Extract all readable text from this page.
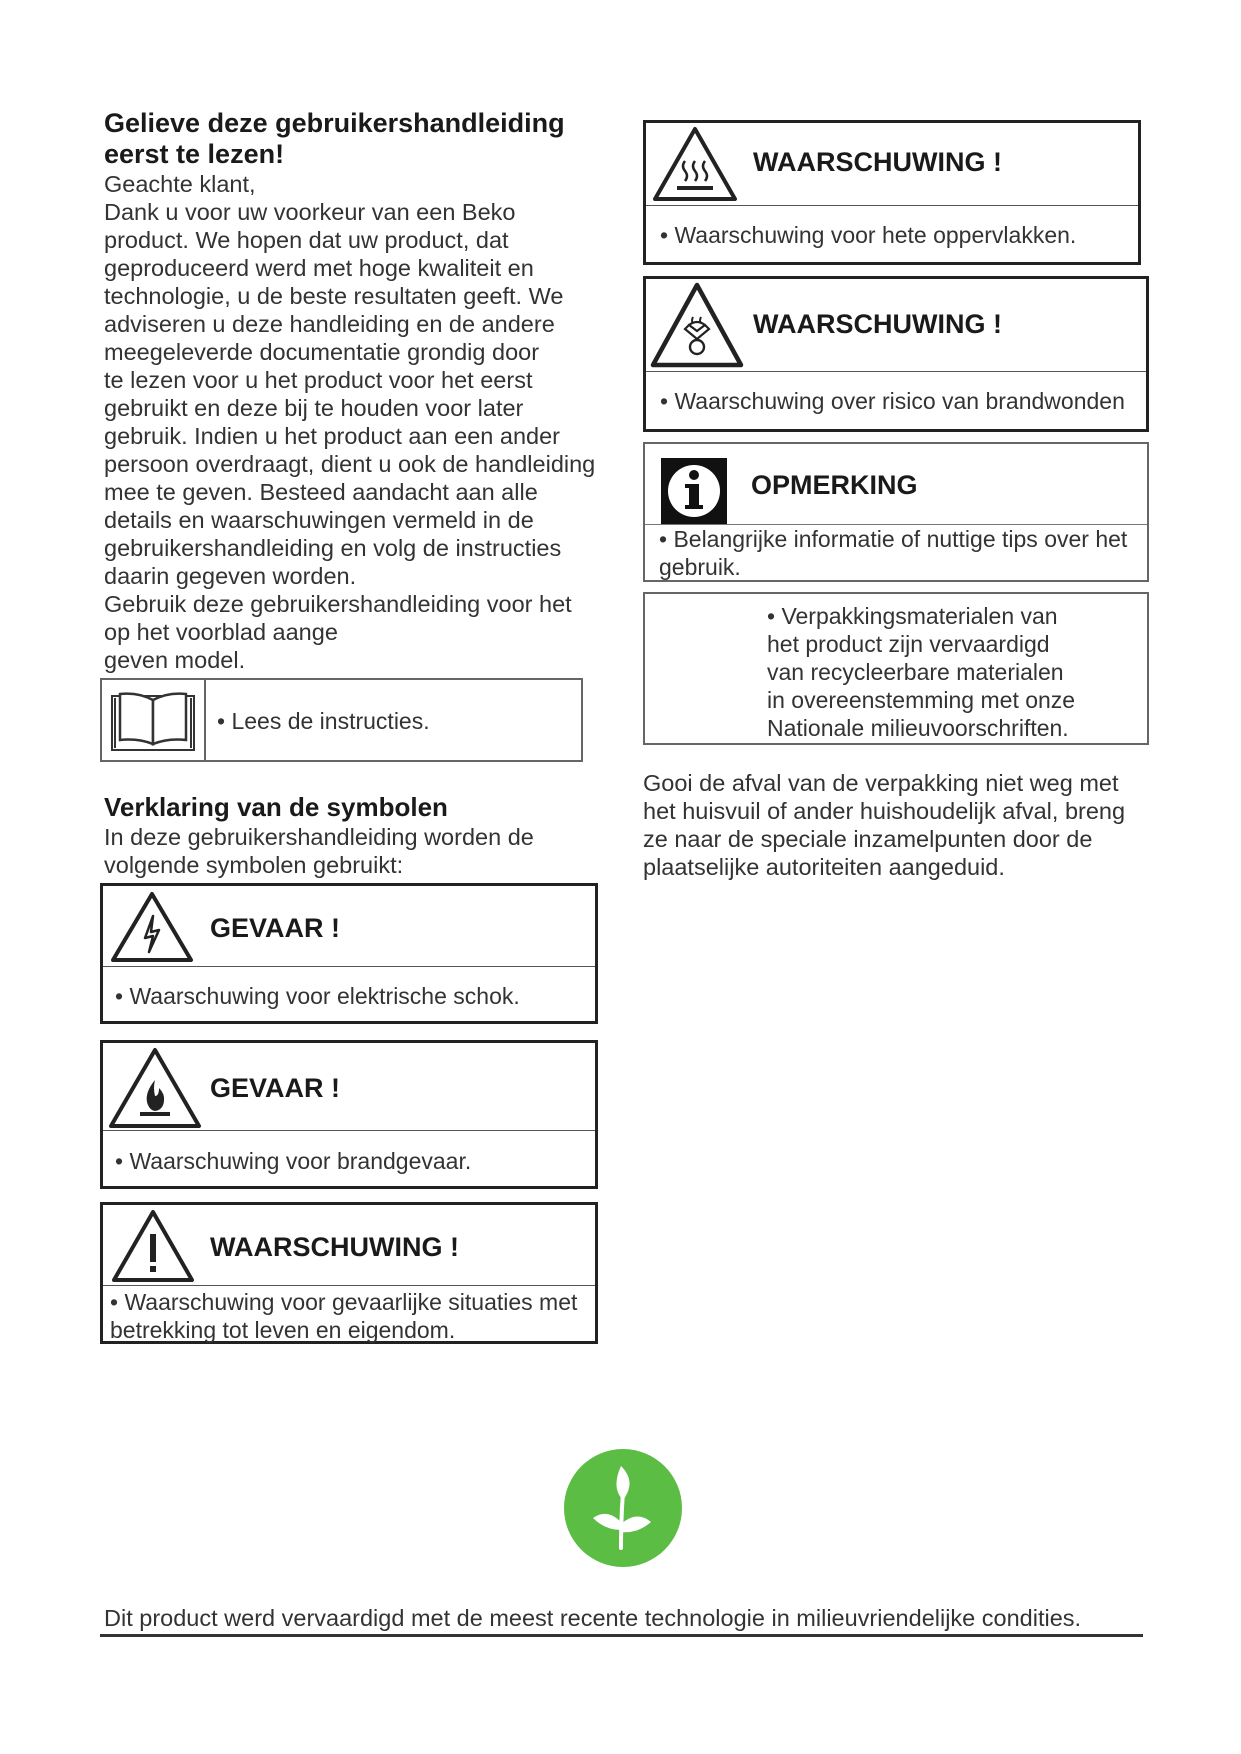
Gelieve deze gebruikershandleiding
eerst te lezen!

Geachte klant,

Dank u voor uw voorkeur van een Beko

product. We hopen dat uw product, dat

geproduceerd werd met hoge kwaliteit en

technologie, u de beste resultaten geeft. We

adviseren u deze handleiding en de andere

meegeleverde documentatie grondig door

te lezen voor u het product voor het eerst

gebruikt en deze bij te houden voor later

gebruik. Indien u het product aan een ander

persoon overdraagt, dient u ook de handleiding

mee te geven. Besteed aandacht aan alle

details en waarschuwingen vermeld in de

gebruikershandleiding en volg de instructies

daarin gegeven worden.

Gebruik deze gebruikershandleiding voor het

op het voorblad aange

geven model.

• Lees de instructies.
Verklaring van de symbolen

In deze gebruikershandleiding worden de

volgende symbolen gebruikt:

GEVAAR !
• Waarschuwing voor elektrische schok.
GEVAAR !
• Waarschuwing voor brandgevaar.
WAARSCHUWING !
• Waarschuwing voor gevaarlijke situaties met
betrekking tot leven en eigendom.
WAARSCHUWING !
• Waarschuwing voor hete oppervlakken.
WAARSCHUWING !
• Waarschuwing over risico van brandwonden
OPMERKING
• Belangrijke informatie of nuttige tips over het
gebruik.
• Verpakkingsmaterialen van
het product zijn vervaardigd
van recycleerbare materialen
in overeenstemming met onze
Nationale milieuvoorschriften.

Gooi de afval van de verpakking niet weg met

het huisvuil of ander huishoudelijk afval, breng

ze naar de speciale inzamelpunten door de

plaatselijke autoriteiten aangeduid.

Dit product werd vervaardigd met de meest recente technologie in milieuvriendelijke condities.
